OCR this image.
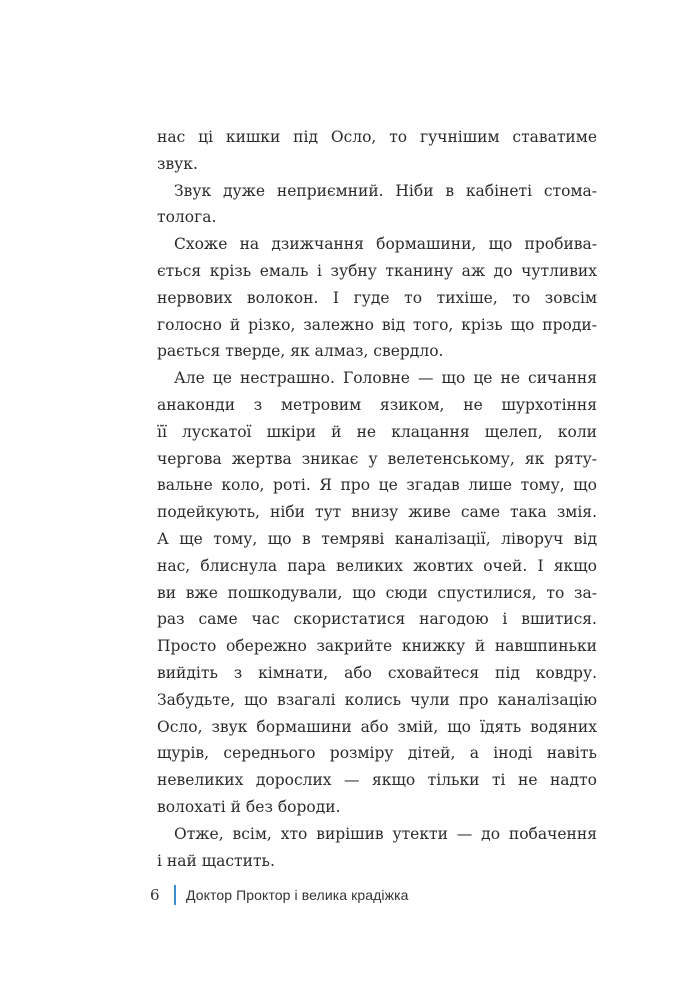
нас ці кишки під Осло, то гучнішим ставатиме
звук.
Звук дуже неприємний. Ніби в кабінеті стома-
толога.
Схоже на дзижчання бормашини, що пробива-
ється крізь емаль і зубну тканину аж до чутливих
нервових волокон. І гуде то тихіше, то зовсім
голосно й різко, залежно від того, крізь що проди-
рається тверде, як алмаз, свердло.
Але це нестрашно. Головне — що це не сичання
анаконди з метровим язиком, не шурхотіння
її лускатої шкіри й не клацання щелеп, коли
чергова жертва зникає у велетенському, як ряту-
вальне коло, роті. Я про це згадав лише тому, що
подейкують, ніби тут внизу живе саме така змія.
А ще тому, що в темряві каналізації, ліворуч від
нас, блиснула пара великих жовтих очей. І якщо
ви вже пошкодували, що сюди спустилися, то за-
раз саме час скористатися нагодою і вшитися.
Просто обережно закрийте книжку й навшпиньки
вийдіть з кімнати, або сховайтеся під ковдру.
Забудьте, що взагалі колись чули про каналізацію
Осло, звук бормашини або змій, що їдять водяних
щурів, середнього розміру дітей, а іноді навіть
невеликих дорослих — якщо тільки ті не надто
волохаті й без бороди.
Отже, всім, хто вирішив утекти — до побачення
і най щастить.
6	Доктор Проктор і велика крадіжка
